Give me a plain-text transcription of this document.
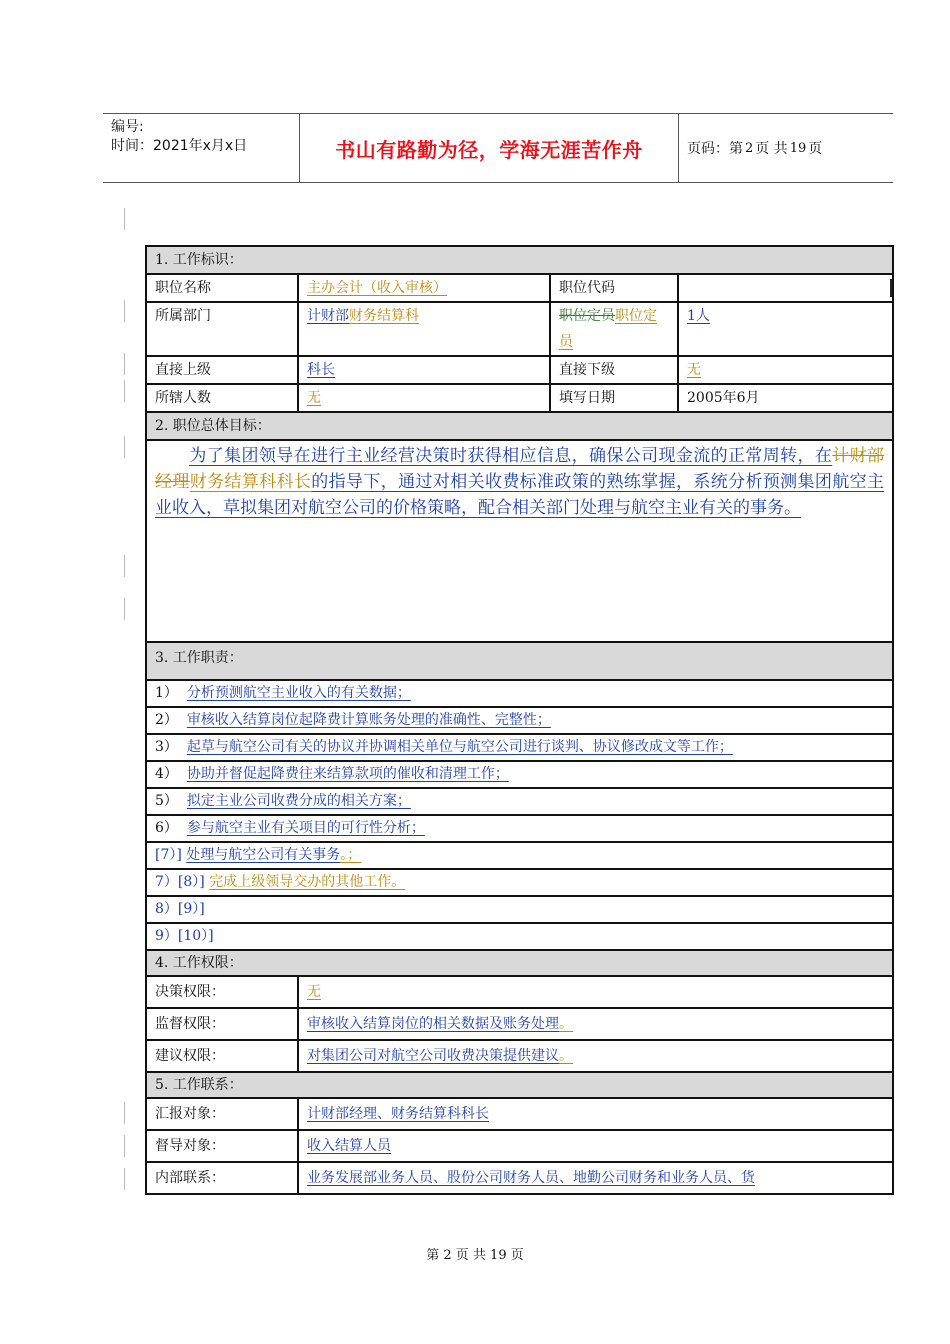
编号:
时间：2021年x月x日	书山有路勤为径，学海无涯苦作舟	页码：第 2 页 共 19 页
1. 工作标识：			
职位名称	主办会计（收入审核）	职位代码	
所属部门	计财部财务结算科	职位定员职位定员	1人
直接上级	科长	直接下级	无
所辖人数	无	填写日期	2005年6月
2. 职位总体目标：			
为了集团领导在进行主业经营决策时获得相应信息，确保公司现金流的正常周转，在计财部经理财务结算科科长的指导下，通过对相关收费标准政策的熟练掌握，系统分析预测集团航空主业收入，草拟集团对航空公司的价格策略，配合相关部门处理与航空主业有关的事务。			
3. 工作职责：			
1） 分析预测航空主业收入的有关数据；			
2） 审核收入结算岗位起降费计算账务处理的准确性、完整性；			
3） 起草与航空公司有关的协议并协调相关单位与航空公司进行谈判、协议修改成文等工作；			
4） 协助并督促起降费往来结算款项的催收和清理工作；			
5） 拟定主业公司收费分成的相关方案；			
6） 参与航空主业有关项目的可行性分析；			
[7）] 处理与航空公司有关事务。；			
7）[8）] 完成上级领导交办的其他工作。			
8）[9）]			
9）[10）]			
4. 工作权限：			
决策权限：	无		
监督权限：	审核收入结算岗位的相关数据及账务处理。		
建议权限：	对集团公司对航空公司收费决策提供建议。		
5. 工作联系：			
汇报对象：	计财部经理、财务结算科科长		
督导对象：	收入结算人员		
内部联系：	业务发展部业务人员、股份公司财务人员、地勤公司财务和业务人员、货		
第 2 页 共 19 页
